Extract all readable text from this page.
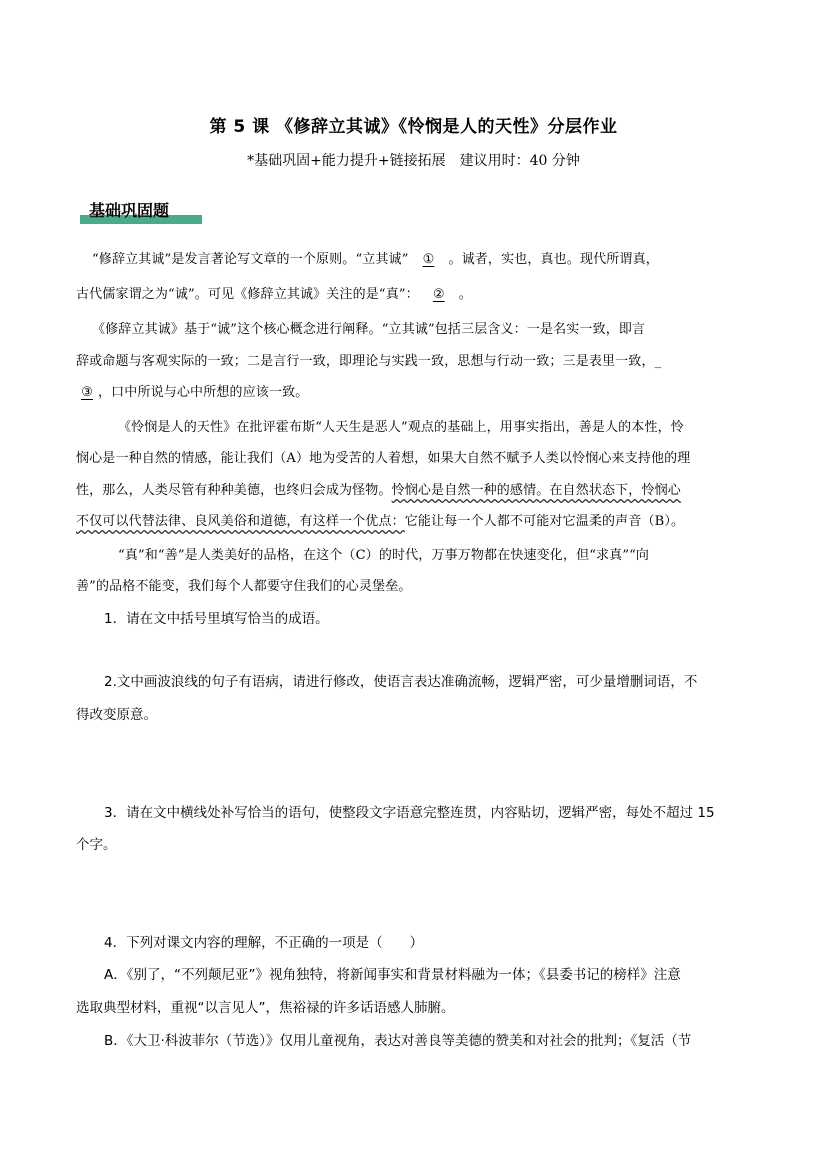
第 5 课 《修辞立其诚》《怜悯是人的天性》分层作业
*基础巩固+能力提升+链接拓展　建议用时：40 分钟
基础巩固题
“修辞立其诚”是发言著论写文章的一个原则。“立其诚” ① 。诚者，实也，真也。现代所谓真，
古代儒家谓之为“诚”。可见《修辞立其诚》关注的是“真”： ② 。
《修辞立其诚》基于“诚”这个核心概念进行阐释。“立其诚”包括三层含义：一是名实一致，即言
辞或命题与客观实际的一致；二是言行一致，即理论与实践一致，思想与行动一致；三是表里一致，_
③ ，口中所说与心中所想的应该一致。
《怜悯是人的天性》在批评霍布斯“人天生是恶人”观点的基础上，用事实指出，善是人的本性，怜
悯心是一种自然的情感，能让我们（A）地为受苦的人着想，如果大自然不赋予人类以怜悯心来支持他的理
性，那么，人类尽管有种种美德，也终归会成为怪物。怜悯心是自然一种的感情。在自然状态下，怜悯心
不仅可以代替法律、良风美俗和道德，有这样一个优点：它能让每一个人都不可能对它温柔的声音（B）。
“真”和“善”是人类美好的品格，在这个（C）的时代，万事万物都在快速变化，但“求真”“向
善”的品格不能变，我们每个人都要守住我们的心灵堡垒。
1．请在文中括号里填写恰当的成语。
2.文中画波浪线的句子有语病，请进行修改，使语言表达准确流畅，逻辑严密，可少量增删词语，不
得改变原意。
3．请在文中横线处补写恰当的语句，使整段文字语意完整连贯，内容贴切，逻辑严密，每处不超过 15
个字。
4．下列对课文内容的理解，不正确的一项是（　　）
A．《别了，“不列颠尼亚”》视角独特，将新闻事实和背景材料融为一体；《县委书记的榜样》注意
选取典型材料，重视“以言见人”，焦裕禄的许多话语感人肺腑。
B．《大卫·科波菲尔（节选）》仅用儿童视角，表达对善良等美德的赞美和对社会的批判；《复活（节
